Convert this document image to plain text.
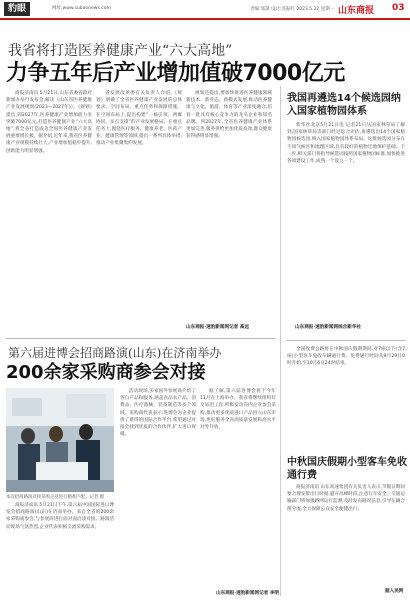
豹眼	网址:www.subaonews.com	责编:邹黛 设计:苏振红 2023.5.22 星期一 山东商报 03
我省将打造医养健康产业“六大高地”
力争五年后产业增加值破7000亿元

商报济南讯 5月21日,山东省委省政府新闻办举行发布会,解读《山东省医养健康产业发展规划(2023—2027年)》。《规划》提出,到2027年,医养健康产业增加值力争突破7000亿元,打造医养健康产业“六大高地”,将全省打造成为全国医养健康产业发展重要增长极。据介绍,近年来,我省医养健康产业规模持续壮大,产业增加值稳步提升,创新能力明显增强。

省发展改革委有关负责人介绍,《规划》明确了全省医养健康产业发展的总体要求、空间布局、重点任务和保障措施。在空间布局上,提出构建“一核引领、两翼协同、多点支撑”的产业发展格局。在重点任务上,围绕医疗服务、健康养老、医药产业、健康管理等领域,提出一系列具体举措,推动产业集聚集约发展。

规划还提出,要加快推进医养健康领域新技术、新业态、新模式发展,推动医养健康与文化、旅游、体育等产业深度融合,培育一批具有核心竞争力的龙头企业和知名品牌。到2027年,全省医养健康产业体系更加完善,服务供给更加优质高效,群众健康获得感明显增强。

山东商报·速豹新闻网记者 高远
我国再遴选14个候选园纳入国家植物园体系

新华社北京5月21日电 记者21日从国家林草局了解到,国家林草局等部门经过综合评估,再遴选出14个国家植物园候选园,纳入国家植物园体系布局。这批候选园分布在不同气候区和地理区域,具有较好的植物迁地保护基础。下一步,相关部门将指导候选园按照国家植物园标准,加快推进各项建设工作,成熟一个设立一个。

山东商报·速豹新闻网综合新华社

全国收费公路将在中秋国庆假期期间,对7座以下(含7座)小型客车免收车辆通行费。免费通行时间从9月29日0时开始,至10月6日24时结束。

中秋国庆假期小型客车免收通行费

商报济南讯 山东高速集团有关负责人表示,节假日期间要合理安排出行时间,避开高峰时段,注意行车安全。交通运输部门将加强路网运行监测,及时发布路况信息,引导车辆合理分流,全力保障公众安全便捷出行。

据人民网
第六届进博会招商路演(山东)在济南举办
200余家采购商参会对接
本次招商路演对接采购企业进行精准匹配。记者 摄

商报济南讯 5月21日下午,第六届中国国际进口博览会招商路演(山东)在济南举办。来自全省的200余家采购商参会,与参展商进行面对面洽谈对接。路演活动现场气氛热烈,企业代表积极交流采购需求。

活动现场,多家国外参展商介绍了各自产品和服务,涵盖食品农产品、消费品、医疗器械、装备制造等多个领域。采购商代表表示,进博会为企业提供了难得的国际合作平台,希望通过对接会找到优质的合作伙伴,扩大进口规模。

据了解,第六届进博会将于今年11月在上海举办。我省将继续组织好交易团工作,积极发动省内企业参会采购,推动更多优质进口产品进入山东市场,更好服务全省高质量发展和高水平对外开放。

山东商报·速豹新闻网记者 李明
